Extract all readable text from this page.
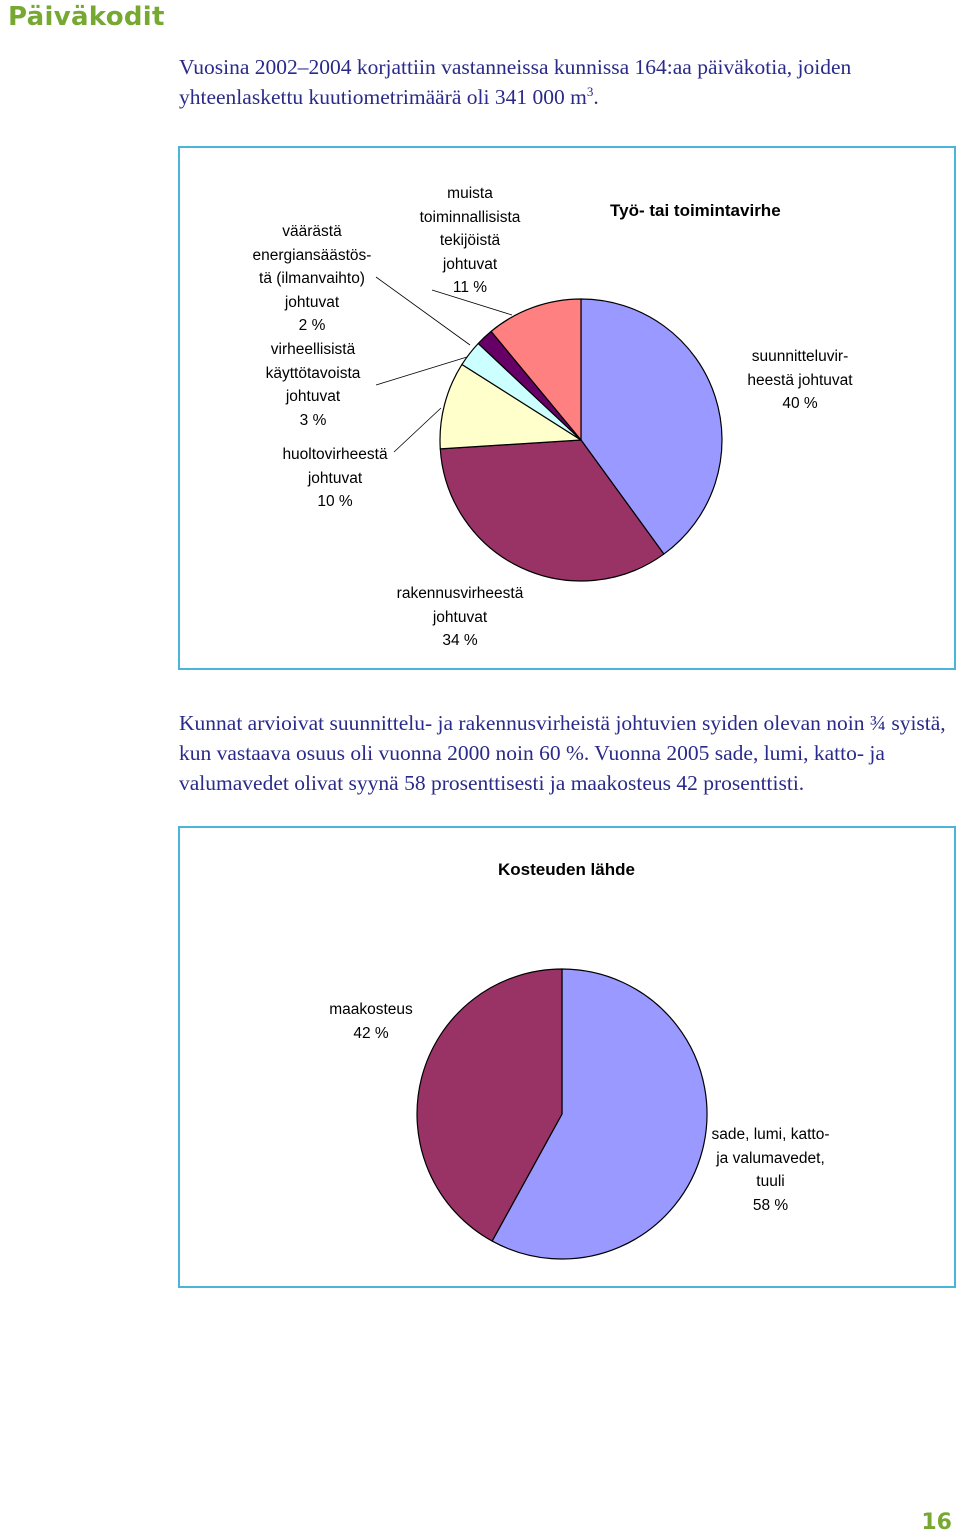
Päiväkodit
Vuosina 2002–2004 korjattiin vastanneissa kunnissa 164:aa päiväkotia, joiden yhteenlaskettu kuutiometrimäärä oli 341 000 $m^3$.
Kunnat arvioivat suunnittelu- ja rakennusvirheistä johtuvien syiden olevan noin ¾ syistä, kun vastaava osuus oli vuonna 2000 noin 60 %. Vuonna 2005 sade, lumi, katto- ja valumavedet olivat syynä 58 prosenttisesti ja maakosteus 42 prosenttisti.
Työ- tai toimintavirhe
suunnitteluvir-
heestä johtuvat
40 %
rakennusvirheestä
johtuvat
34 %
huoltovirheestä
johtuvat
10 %
virheellisistä
käyttötavoista
johtuvat
3 %
väärästä
energiansäästös-
tä (ilmanvaihto)
johtuvat
2 %
muista
toiminnallisista
tekijöistä
johtuvat
11 %
Kosteuden lähde
sade, lumi, katto-
ja valumavedet,
tuuli
58 %
maakosteus
42 %
16
